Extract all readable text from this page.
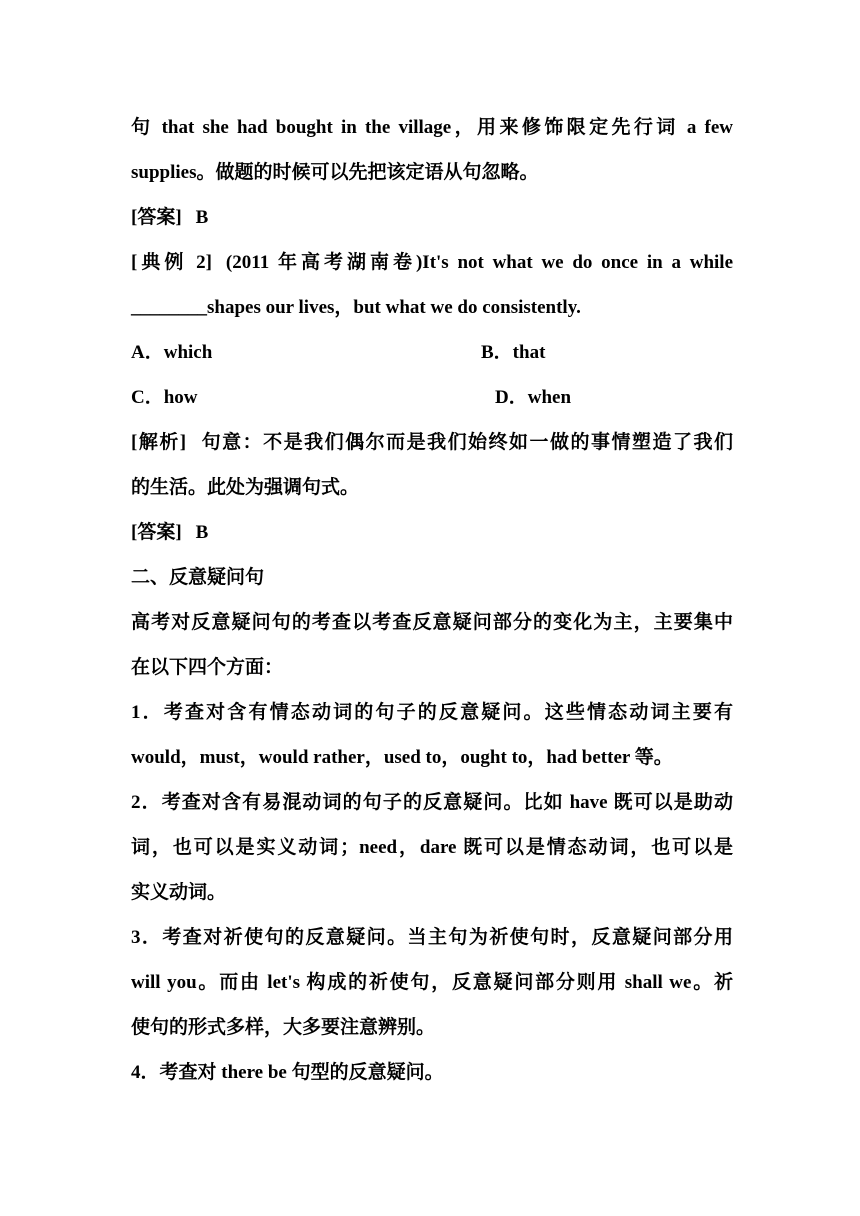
句 that she had bought in the village，用来修饰限定先行词 a few
supplies。做题的时候可以先把该定语从句忽略。
[答案] B
[典例 2] (2011 年高考湖南卷)It's not what we do once in a while
________shapes our lives，but what we do consistently.
A．which	B．that
C．how	D．when
[解析] 句意：不是我们偶尔而是我们始终如一做的事情塑造了我们
的生活。此处为强调句式。
[答案] B
二、反意疑问句
高考对反意疑问句的考查以考查反意疑问部分的变化为主，主要集中
在以下四个方面：
1．考查对含有情态动词的句子的反意疑问。这些情态动词主要有
would，must，would rather，used to，ought to，had better 等。
2．考查对含有易混动词的句子的反意疑问。比如 have 既可以是助动
词，也可以是实义动词；need，dare 既可以是情态动词，也可以是
实义动词。
3．考查对祈使句的反意疑问。当主句为祈使句时，反意疑问部分用
will you。而由 let's 构成的祈使句，反意疑问部分则用 shall we。祈
使句的形式多样，大多要注意辨别。
4．考查对 there be 句型的反意疑问。
